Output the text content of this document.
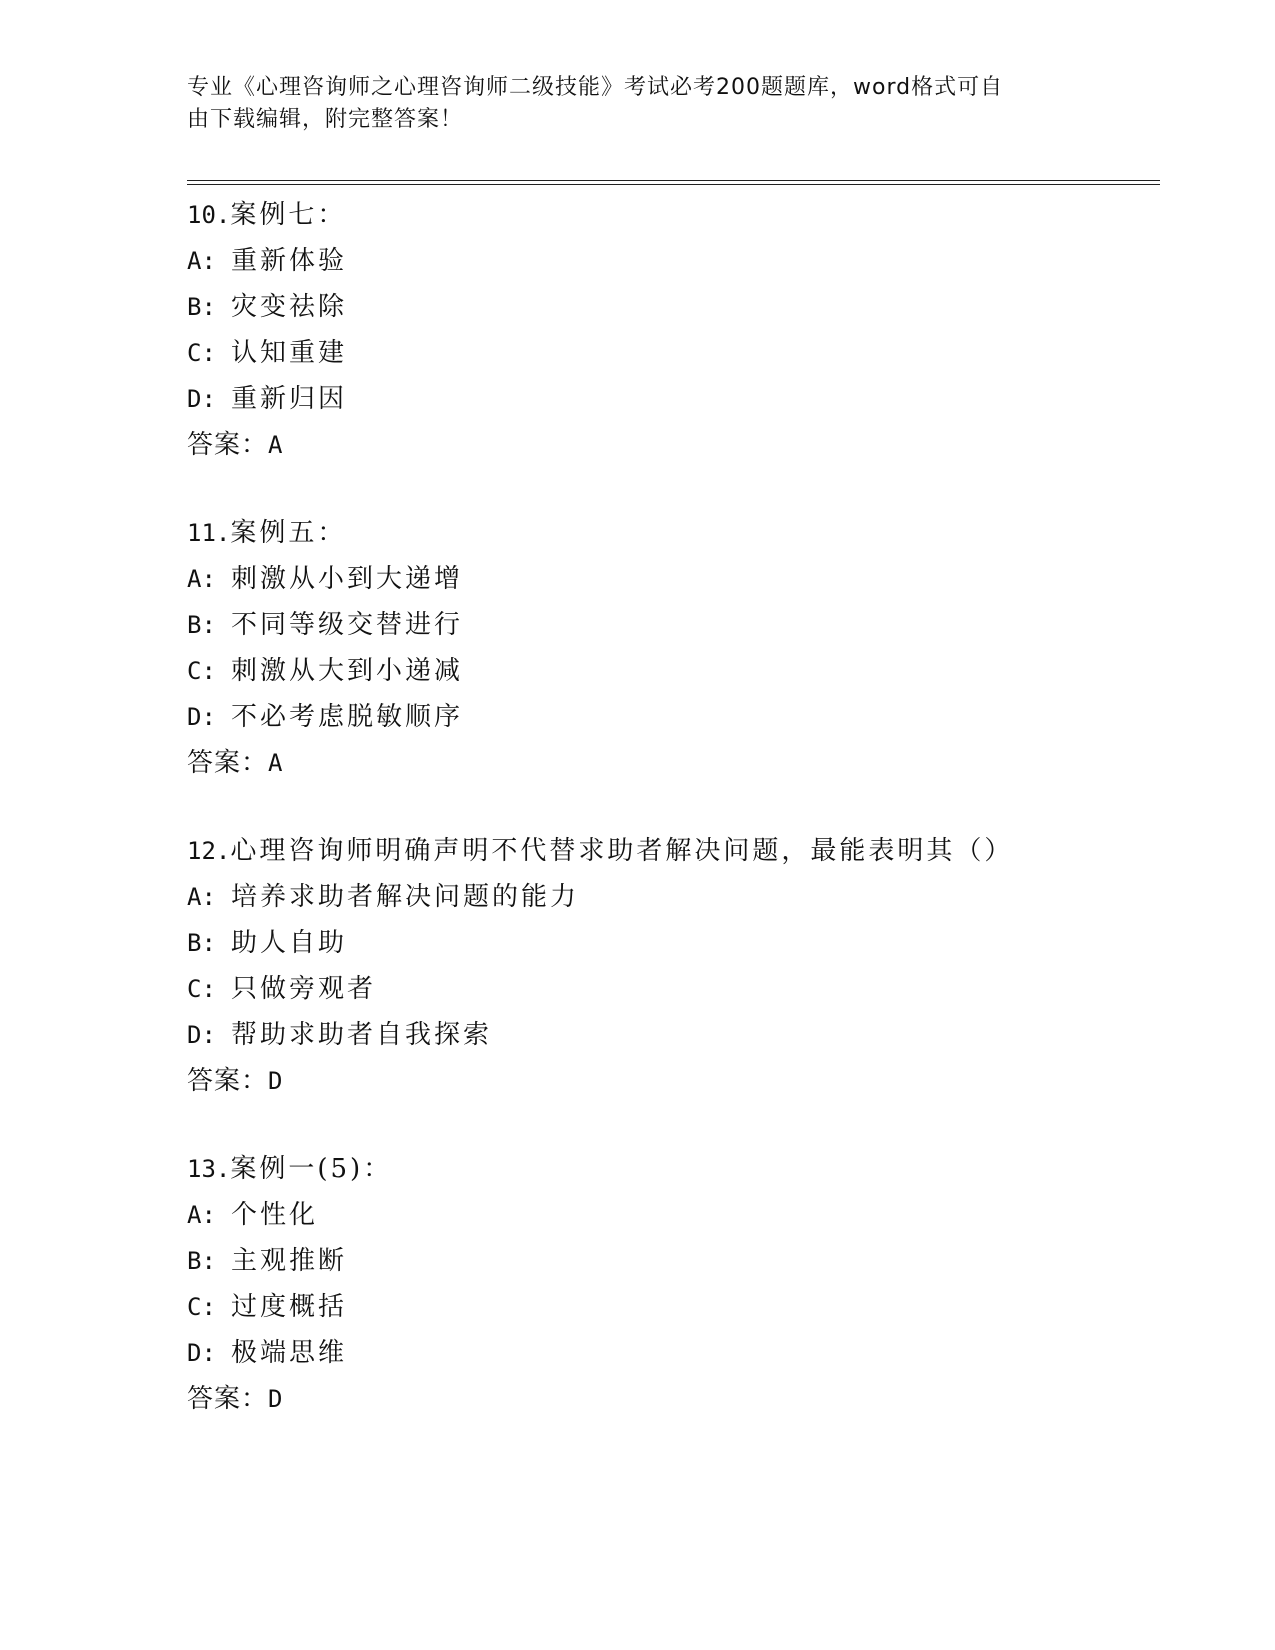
专业《心理咨询师之心理咨询师二级技能》考试必考200题题库，word格式可自
由下载编辑，附完整答案！
10.案例七：
A: 重新体验
B: 灾变祛除
C: 认知重建
D: 重新归因
答案：A
11.案例五：
A: 刺激从小到大递增
B: 不同等级交替进行
C: 刺激从大到小递减
D: 不必考虑脱敏顺序
答案：A
12.心理咨询师明确声明不代替求助者解决问题，最能表明其（）
A: 培养求助者解决问题的能力
B: 助人自助
C: 只做旁观者
D: 帮助求助者自我探索
答案：D
13.案例一(5)：
A: 个性化
B: 主观推断
C: 过度概括
D: 极端思维
答案：D
